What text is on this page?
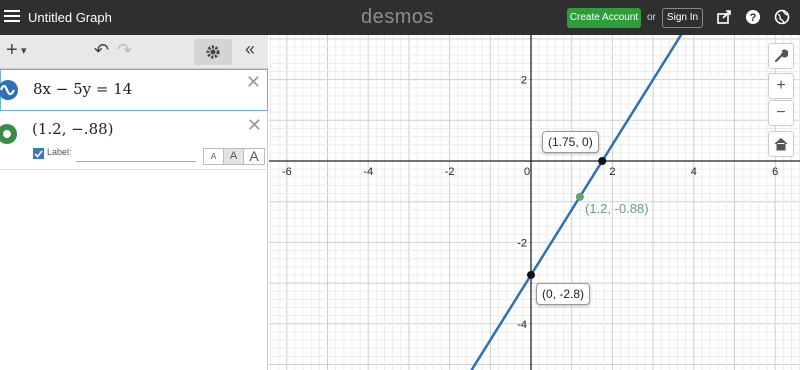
Untitled Graph	desmos	Create Account or	Sign In	?
+ ▾	↶ ↷	«
8x − 5y = 14	✕
(1.2, −.88)	✕
Label:	A	A A
-6	-4	-2	0	2	4	6
2
-2
-4
(1.75, 0)
(0, -2.8)
(1.2, -0.88)
+
−
